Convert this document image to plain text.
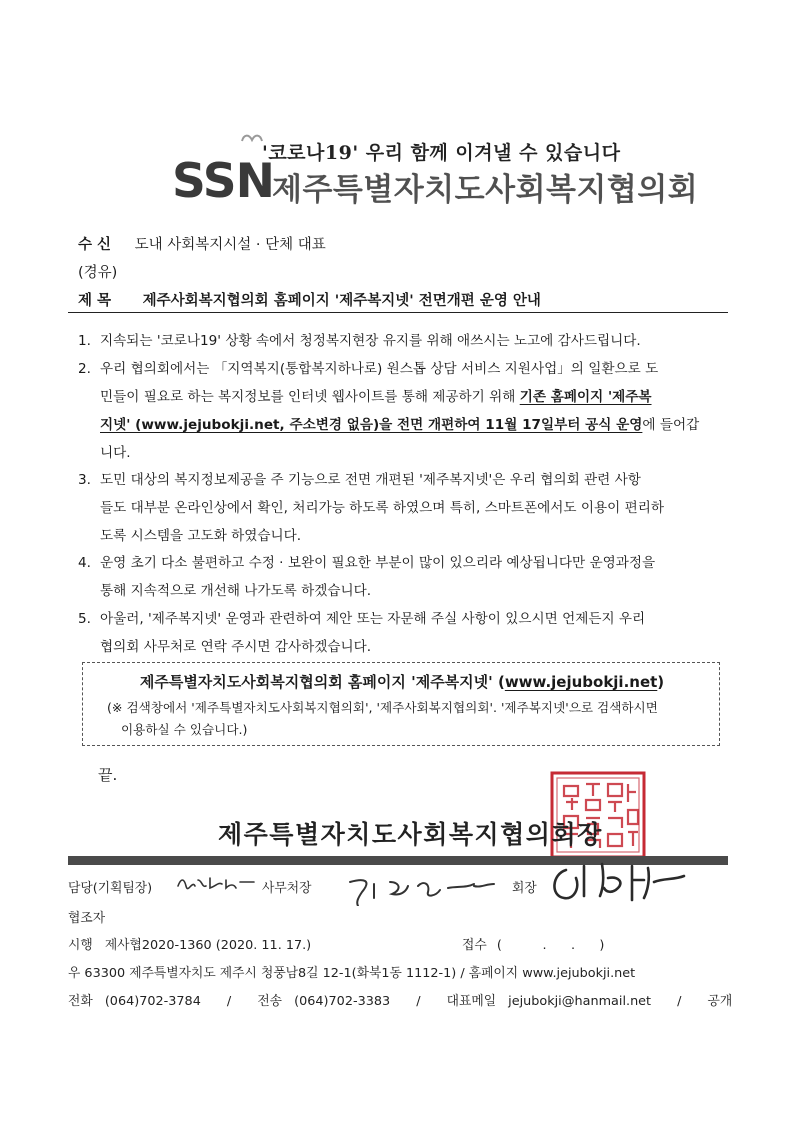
'코로나19' 우리 함께 이겨낼 수 있습니다
SSN
제주특별자치도사회복지협의회
수 신 도내 사회복지시설 · 단체 대표
(경유)
제 목 제주사회복지협의회 홈페이지 '제주복지넷' 전면개편 운영 안내
1. 지속되는 '코로나19' 상황 속에서 청정복지현장 유지를 위해 애쓰시는 노고에 감사드립니다.
2. 우리 협의회에서는 「지역복지(통합복지하나로) 원스톱 상담 서비스 지원사업」의 일환으로 도
민들이 필요로 하는 복지정보를 인터넷 웹사이트를 통해 제공하기 위해 기존 홈페이지 '제주복
지넷' (www.jejubokji.net, 주소변경 없음)을 전면 개편하여 11월 17일부터 공식 운영에 들어갑
니다.
3. 도민 대상의 복지정보제공을 주 기능으로 전면 개편된 '제주복지넷'은 우리 협의회 관련 사항
들도 대부분 온라인상에서 확인, 처리가능 하도록 하였으며 특히, 스마트폰에서도 이용이 편리하
도록 시스템을 고도화 하였습니다.
4. 운영 초기 다소 불편하고 수정 · 보완이 필요한 부분이 많이 있으리라 예상됩니다만 운영과정을
통해 지속적으로 개선해 나가도록 하겠습니다.
5. 아울러, '제주복지넷' 운영과 관련하여 제안 또는 자문해 주실 사항이 있으시면 언제든지 우리
협의회 사무처로 연락 주시면 감사하겠습니다.
제주특별자치도사회복지협의회 홈페이지 '제주복지넷' (www.jejubokji.net)
(※ 검색창에서 '제주특별자치도사회복지협의회', '제주사회복지협의회'. '제주복지넷'으로 검색하시면
이용하실 수 있습니다.)
끝.
제주특별자치도사회복지협의회장
담당(기획팀장)	사무처장	회장
협조자
시행 제사협2020-1360 (2020. 11. 17.)	접수 (          .      .      )
우 63300 제주특별자치도 제주시 청풍남8길 12-1(화북1동 1112-1) / 홈페이지 www.jejubokji.net
전화 (064)702-3784 / 전송 (064)702-3383 / 대표메일 jejubokji@hanmail.net / 공개
